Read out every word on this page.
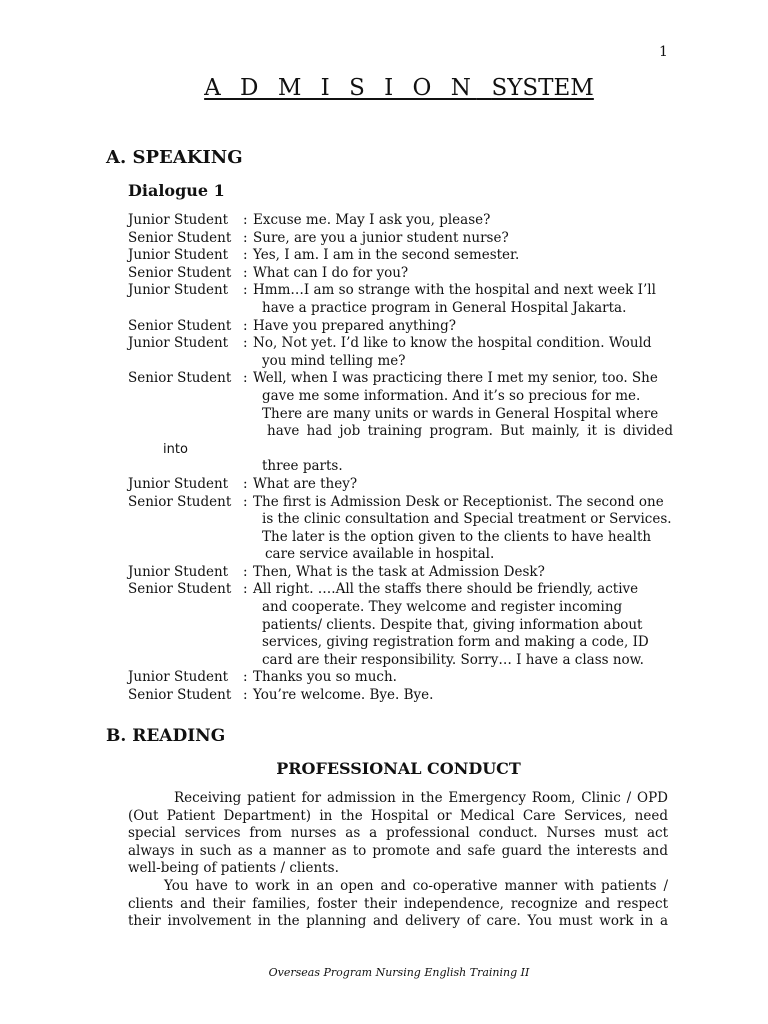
1
A D M I S I O N SYSTEM
A. SPEAKING
Dialogue 1
Junior Student	: Excuse me. May I ask you, please?
Senior Student : Sure, are you a junior student nurse?
Junior Student	: Yes, I am. I am in the second semester.
Senior Student : What can I do for you?
Junior Student	: Hmm…I am so strange with the hospital and next week I’ll
have a practice program in General Hospital Jakarta.
Senior Student : Have you prepared anything?
Junior Student	: No, Not yet. I’d like to know the hospital condition. Would
you mind telling me?
Senior Student : Well, when I was practicing there I met my senior, too. She
gave me some information. And it’s so precious for me.
There are many units or wards in General Hospital where
have had job training program. But mainly, it is divided
into
three parts.
Junior Student	: What are they?
Senior Student : The first is Admission Desk or Receptionist. The second one
is the clinic consultation and Special treatment or Services.
The later is the option given to the clients to have health
care service available in hospital.
Junior Student	: Then, What is the task at Admission Desk?
Senior Student : All right. ….All the staffs there should be friendly, active
and cooperate. They welcome and register incoming
patients/ clients. Despite that, giving information about
services, giving registration form and making a code, ID
card are their responsibility. Sorry… I have a class now.
Junior Student	: Thanks you so much.
Senior Student : You’re welcome. Bye. Bye.
B. READING
PROFESSIONAL CONDUCT

Receiving patient for admission in the Emergency Room, Clinic / OPD (Out Patient Department) in the Hospital or Medical Care Services, need special services from nurses as a professional conduct. Nurses must act always in such as a manner as to promote and safe guard the interests and well-being of patients / clients.

You have to work in an open and co-operative manner with patients / clients and their families, foster their independence, recognize and respect their involvement in the planning and delivery of care. You must work in a

Overseas Program Nursing English Training II
